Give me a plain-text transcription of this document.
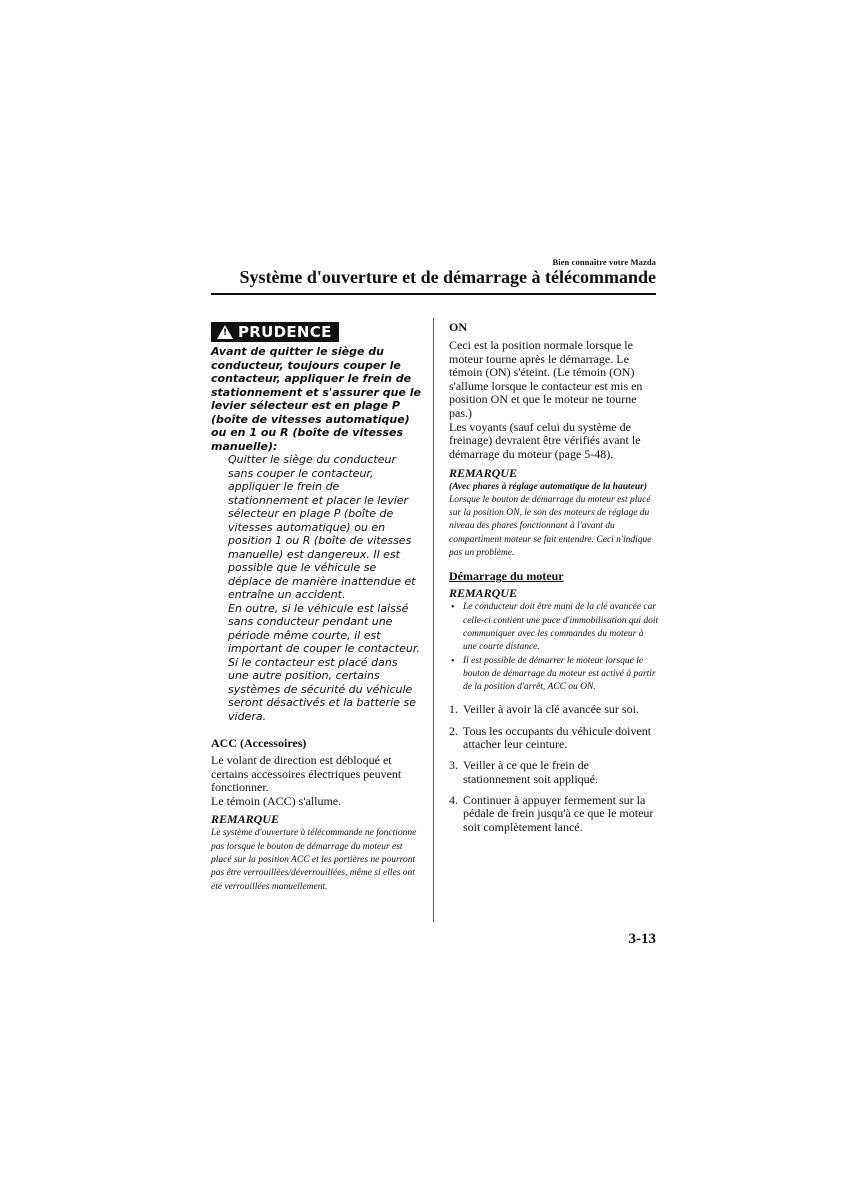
Bien connaître votre Mazda
Système d'ouverture et de démarrage à télécommande
! PRUDENCE

Avant de quitter le siège du conducteur, toujours couper le contacteur, appliquer le frein de stationnement et s'assurer que le levier sélecteur est en plage P (boîte de vitesses automatique) ou en 1 ou R (boîte de vitesses manuelle):

Quitter le siège du conducteur sans couper le contacteur, appliquer le frein de stationnement et placer le levier sélecteur en plage P (boîte de vitesses automatique) ou en position 1 ou R (boîte de vitesses manuelle) est dangereux. Il est possible que le véhicule se déplace de manière inattendue et entraîne un accident.

En outre, si le véhicule est laissé sans conducteur pendant une période même courte, il est important de couper le contacteur. Si le contacteur est placé dans une autre position, certains systèmes de sécurité du véhicule seront désactivés et la batterie se videra.

ACC (Accessoires)

Le volant de direction est débloqué et certains accessoires électriques peuvent fonctionner.

Le témoin (ACC) s'allume.

REMARQUE

Le système d'ouverture à télécommande ne fonctionne pas lorsque le bouton de démarrage du moteur est placé sur la position ACC et les portières ne pourront pas être verrouillées/déverrouillées, même si elles ont été verrouillées manuellement.

ON

Ceci est la position normale lorsque le moteur tourne après le démarrage. Le témoin (ON) s'éteint. (Le témoin (ON) s'allume lorsque le contacteur est mis en position ON et que le moteur ne tourne pas.)

Les voyants (sauf celui du système de freinage) devraient être vérifiés avant le démarrage du moteur (page 5-48).

REMARQUE

(Avec phares à réglage automatique de la hauteur)

Lorsque le bouton de démarrage du moteur est placé sur la position ON, le son des moteurs de réglage du niveau des phares fonctionnant à l'avant du compartiment moteur se fait entendre. Ceci n'indique pas un problème.

Démarrage du moteur

REMARQUE

• Le conducteur doit être muni de la clé avancée car celle-ci contient une puce d'immobilisation qui doit communiquer avec les commandes du moteur à une courte distance.
• Il est possible de démarrer le moteur lorsque le bouton de démarrage du moteur est activé à partir de la position d'arrêt, ACC ou ON.
1. Veiller à avoir la clé avancée sur soi.
2. Tous les occupants du véhicule doivent attacher leur ceinture.
3. Veiller à ce que le frein de stationnement soit appliqué.
4. Continuer à appuyer fermement sur la pédale de frein jusqu'à ce que le moteur soit complètement lancé.
3-13
